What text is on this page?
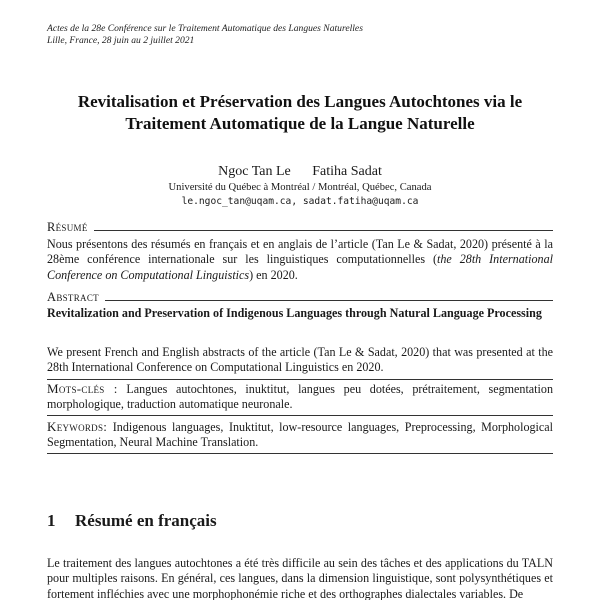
Actes de la 28e Conférence sur le Traitement Automatique des Langues Naturelles
Lille, France, 28 juin au 2 juillet 2021
Revitalisation et Préservation des Langues Autochtones via le
Traitement Automatique de la Langue Naturelle
Ngoc Tan Le Fatiha Sadat
Université du Québec à Montréal / Montréal, Québec, Canada
le.ngoc_tan@uqam.ca, sadat.fatiha@uqam.ca
Résumé
Nous présentons des résumés en français et en anglais de l’article (Tan Le & Sadat, 2020) présenté à la 28ème conférence internationale sur les linguistiques computationnelles (the 28th International Conference on Computational Linguistics) en 2020.
Abstract
Revitalization and Preservation of Indigenous Languages through Natural Language Processing
We present French and English abstracts of the article (Tan Le & Sadat, 2020) that was presented at the 28th International Conference on Computational Linguistics en 2020.
Mots-clés : Langues autochtones, inuktitut, langues peu dotées, prétraitement, segmentation morphologique, traduction automatique neuronale.
Keywords: Indigenous languages, Inuktitut, low-resource languages, Preprocessing, Morphological Segmentation, Neural Machine Translation.
1 Résumé en français
Le traitement des langues autochtones a été très difficile au sein des tâches et des applications du TALN pour multiples raisons. En général, ces langues, dans la dimension linguistique, sont polysynthétiques et fortement infléchies avec une morphophonémie riche et des orthographes dialectales variables. De
